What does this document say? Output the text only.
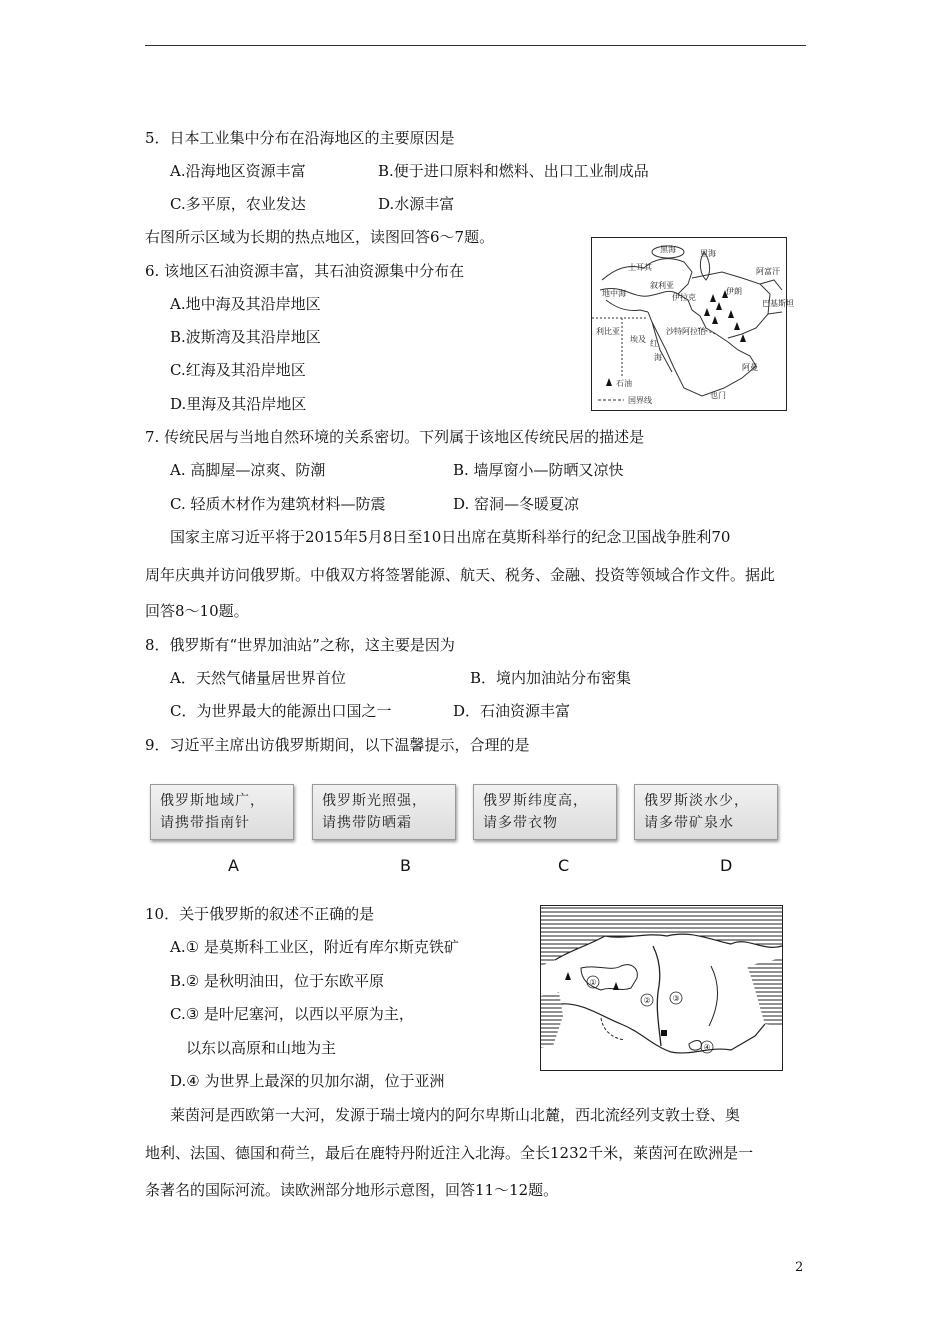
5．日本工业集中分布在沿海地区的主要原因是
A.沿海地区资源丰富	B.便于进口原料和燃料、出口工业制成品
C.多平原，农业发达	D.水源丰富
右图所示区域为长期的热点地区，读图回答6～7题。
6. 该地区石油资源丰富，其石油资源集中分布在
A.地中海及其沿岸地区
B.波斯湾及其沿岸地区
C.红海及其沿岸地区
D.里海及其沿岸地区
黑海	里海
土耳其
地中海
叙利亚
伊拉克
伊朗
阿富汗
巴基斯坦
利比亚
埃及 红
海
沙特阿拉伯
也门
阿曼
石油
国界线
7. 传统民居与当地自然环境的关系密切。下列属于该地区传统民居的描述是
A. 高脚屋—凉爽、防潮	B. 墙厚窗小—防晒又凉快
C. 轻质木材作为建筑材料—防震	D. 窑洞—冬暖夏凉
国家主席习近平将于2015年5月8日至10日出席在莫斯科举行的纪念卫国战争胜利70
周年庆典并访问俄罗斯。中俄双方将签署能源、航天、税务、金融、投资等领域合作文件。据此
回答8～10题。
8．俄罗斯有“世界加油站”之称，这主要是因为
A．天然气储量居世界首位	B．境内加油站分布密集
C．为世界最大的能源出口国之一	D．石油资源丰富
9．习近平主席出访俄罗斯期间，以下温馨提示，合理的是
俄罗斯地域广，
请携带指南针
俄罗斯光照强，
请携带防晒霜
俄罗斯纬度高，
请多带衣物
俄罗斯淡水少，
请多带矿泉水
A	B	C	D
10．关于俄罗斯的叙述不正确的是
A.① 是莫斯科工业区，附近有库尔斯克铁矿
B.② 是秋明油田，位于东欧平原
C.③ 是叶尼塞河，以西以平原为主，
以东以高原和山地为主
D.④ 为世界上最深的贝加尔湖，位于亚洲
①
②	③
④
莱茵河是西欧第一大河，发源于瑞士境内的阿尔卑斯山北麓，西北流经列支敦士登、奥
地利、法国、德国和荷兰，最后在鹿特丹附近注入北海。全长1232千米，莱茵河在欧洲是一
条著名的国际河流。读欧洲部分地形示意图，回答11～12题。
2
